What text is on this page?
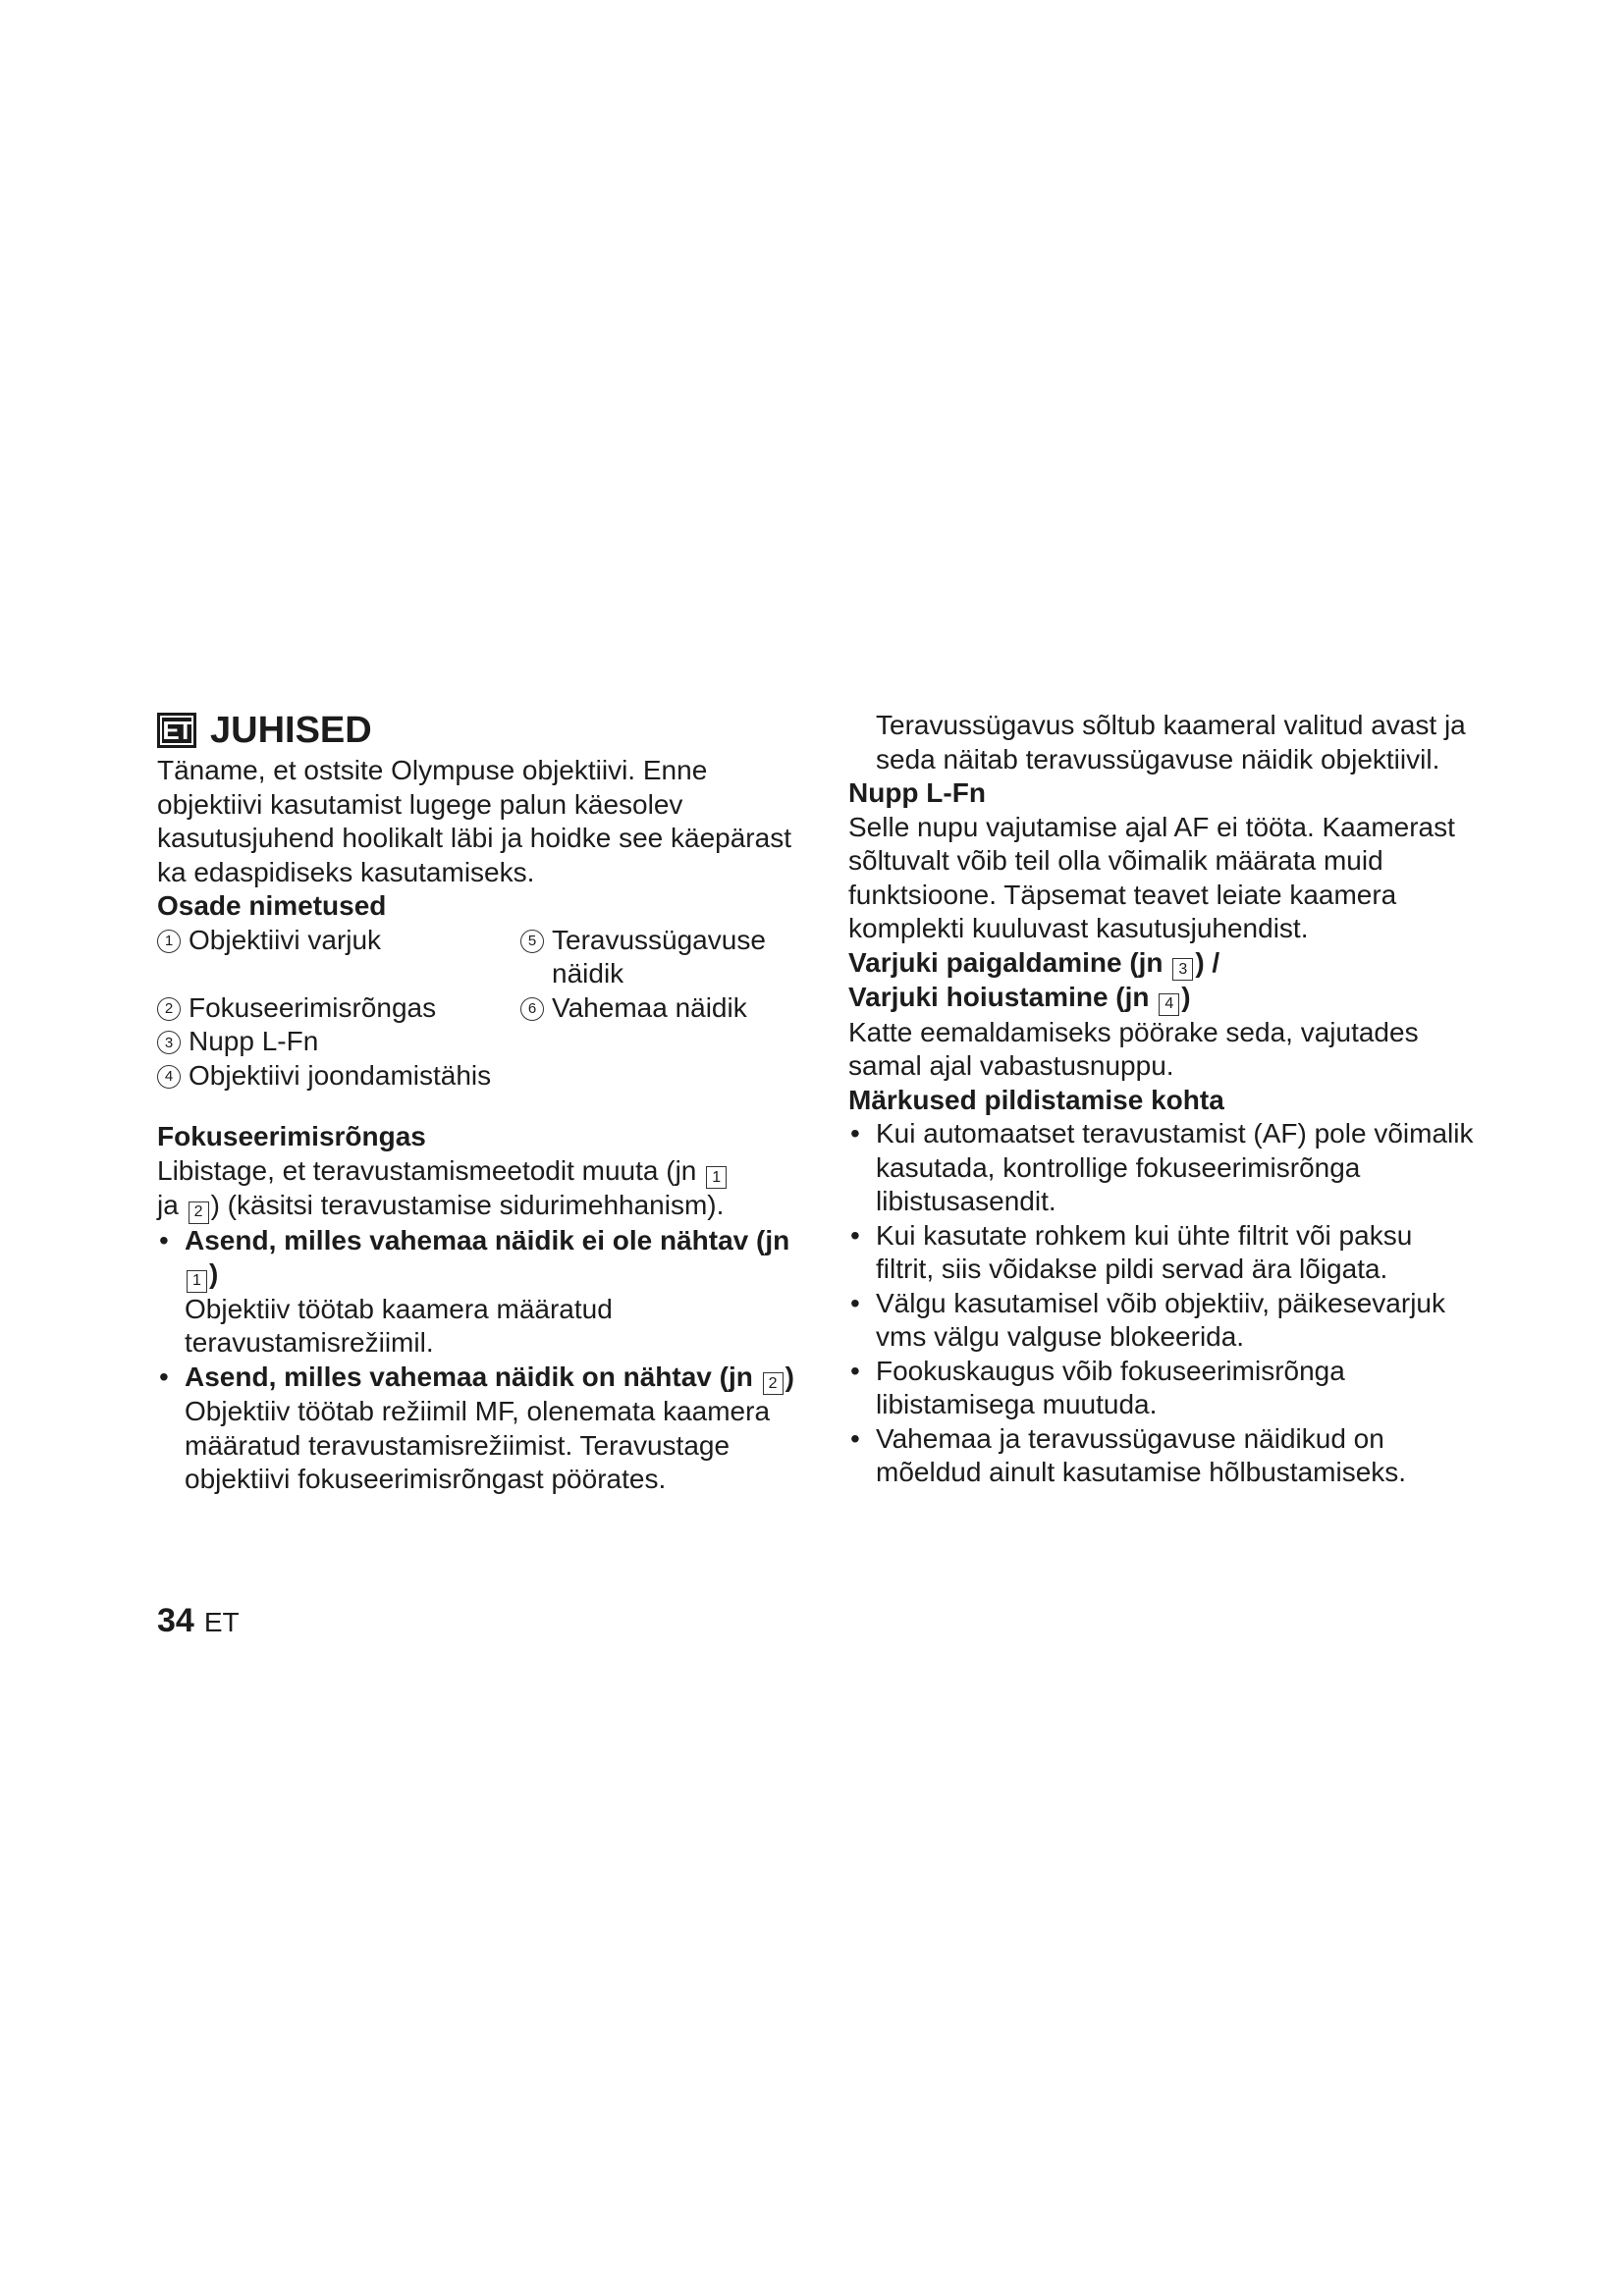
ET JUHISED

Täname, et ostsite Olympuse objektiivi. Enne objektiivi kasutamist lugege palun käesolev kasutusjuhend hoolikalt läbi ja hoidke see käepärast ka edaspidiseks kasutamiseks.

Osade nimetused

1 Objektiivi varjuk	5 Teravussügavuse näidik
2 Fokuseerimisrõngas	6 Vahemaa näidik
3 Nupp L-Fn
4 Objektiivi joondamistähis

Fokuseerimisrõngas

Libistage, et teravustamismeetodit muuta (jn 1
ja 2 ) (käsitsi teravustamise sidurimehhanism).

• Asend, milles vahemaa näidik ei ole nähtav (jn 1 )

Objektiiv töötab kaamera määratud teravustamisrežiimil.

• Asend, milles vahemaa näidik on nähtav (jn 2 )

Objektiiv töötab režiimil MF, olenemata kaamera määratud teravustamisrežiimist. Teravustage objektiivi fokuseerimisrõngast pöörates.

Teravussügavus sõltub kaameral valitud avast ja seda näitab teravussügavuse näidik objektiivil.

Nupp L-Fn

Selle nupu vajutamise ajal AF ei tööta. Kaamerast sõltuvalt võib teil olla võimalik määrata muid funktsioone. Täpsemat teavet leiate kaamera komplekti kuuluvast kasutusjuhendist.

Varjuki paigaldamine (jn 3 ) /
Varjuki hoiustamine (jn 4 )

Katte eemaldamiseks pöörake seda, vajutades samal ajal vabastusnuppu.

Märkused pildistamise kohta

• Kui automaatset teravustamist (AF) pole võimalik kasutada, kontrollige fokuseerimisrõnga libistusasendit.
• Kui kasutate rohkem kui ühte filtrit või paksu filtrit, siis võidakse pildi servad ära lõigata.
• Välgu kasutamisel võib objektiiv, päikesevarjuk vms välgu valguse blokeerida.
• Fookuskaugus võib fokuseerimisrõnga libistamisega muutuda.
• Vahemaa ja teravussügavuse näidikud on mõeldud ainult kasutamise hõlbustamiseks.
34 ET
